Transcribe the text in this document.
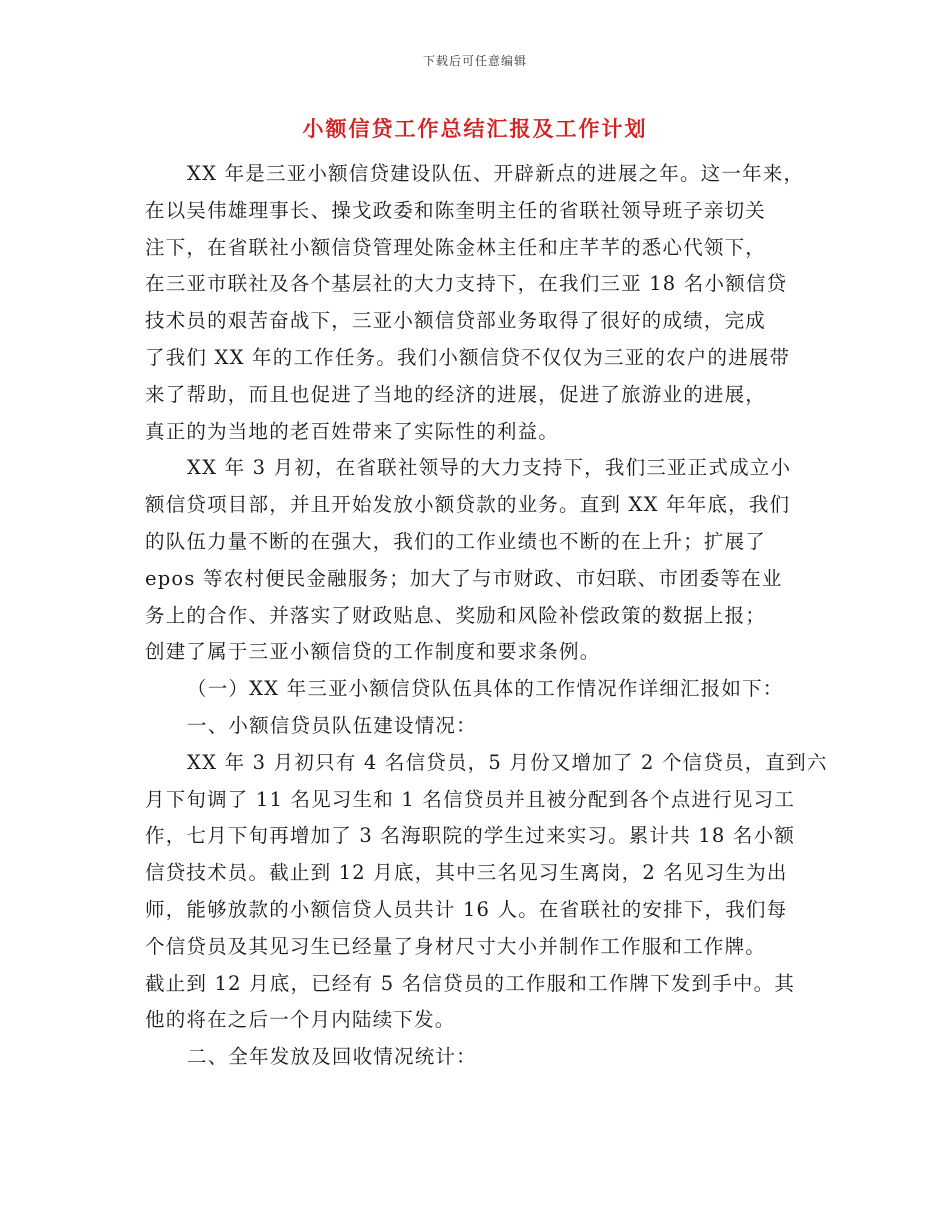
下载后可任意编辑
小额信贷工作总结汇报及工作计划

XX 年是三亚小额信贷建设队伍、开辟新点的进展之年。这一年来，
在以吴伟雄理事长、操戈政委和陈奎明主任的省联社领导班子亲切关
注下，在省联社小额信贷管理处陈金林主任和庄芊芊的悉心代领下，
在三亚市联社及各个基层社的大力支持下，在我们三亚 18 名小额信贷
技术员的艰苦奋战下，三亚小额信贷部业务取得了很好的成绩，完成
了我们 XX 年的工作任务。我们小额信贷不仅仅为三亚的农户的进展带
来了帮助，而且也促进了当地的经济的进展，促进了旅游业的进展，
真正的为当地的老百姓带来了实际性的利益。

XX 年 3 月初，在省联社领导的大力支持下，我们三亚正式成立小
额信贷项目部，并且开始发放小额贷款的业务。直到 XX 年年底，我们
的队伍力量不断的在强大，我们的工作业绩也不断的在上升；扩展了
epos 等农村便民金融服务；加大了与市财政、市妇联、市团委等在业
务上的合作、并落实了财政贴息、奖励和风险补偿政策的数据上报；
创建了属于三亚小额信贷的工作制度和要求条例。

（一）XX 年三亚小额信贷队伍具体的工作情况作详细汇报如下：

一、小额信贷员队伍建设情况：

XX 年 3 月初只有 4 名信贷员，5 月份又增加了 2 个信贷员，直到六
月下旬调了 11 名见习生和 1 名信贷员并且被分配到各个点进行见习工
作，七月下旬再增加了 3 名海职院的学生过来实习。累计共 18 名小额
信贷技术员。截止到 12 月底，其中三名见习生离岗，2 名见习生为出
师，能够放款的小额信贷人员共计 16 人。在省联社的安排下，我们每
个信贷员及其见习生已经量了身材尺寸大小并制作工作服和工作牌。
截止到 12 月底，已经有 5 名信贷员的工作服和工作牌下发到手中。其
他的将在之后一个月内陆续下发。

二、全年发放及回收情况统计：
